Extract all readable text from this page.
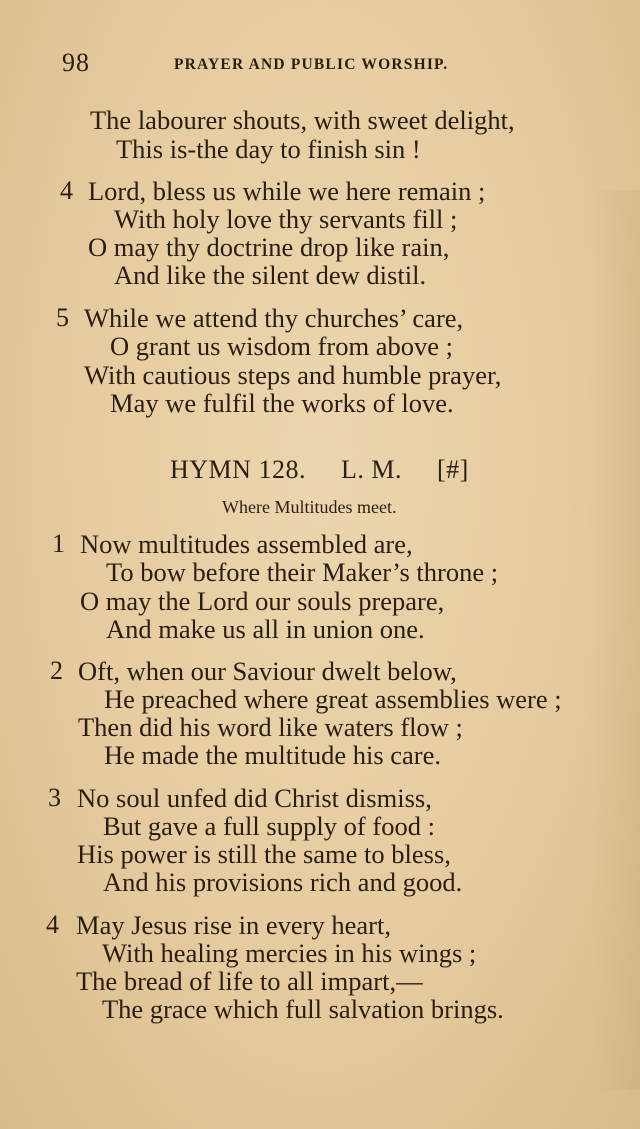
98	PRAYER AND PUBLIC WORSHIP.
The labourer shouts, with sweet delight,
This is-the day to finish sin !
4 Lord, bless us while we here remain ;
With holy love thy servants fill ;
O may thy doctrine drop like rain,
And like the silent dew distil.
5 While we attend thy churches’ care,
O grant us wisdom from above ;
With cautious steps and humble prayer,
May we fulfil the works of love.
HYMN 128. L. M. [#]
Where Multitudes meet.
1 Now multitudes assembled are,
To bow before their Maker’s throne ;
O may the Lord our souls prepare,
And make us all in union one.
2 Oft, when our Saviour dwelt below,
He preached where great assemblies were ;
Then did his word like waters flow ;
He made the multitude his care.
3 No soul unfed did Christ dismiss,
But gave a full supply of food :
His power is still the same to bless,
And his provisions rich and good.
4 May Jesus rise in every heart,
With healing mercies in his wings ;
The bread of life to all impart,—
The grace which full salvation brings.
